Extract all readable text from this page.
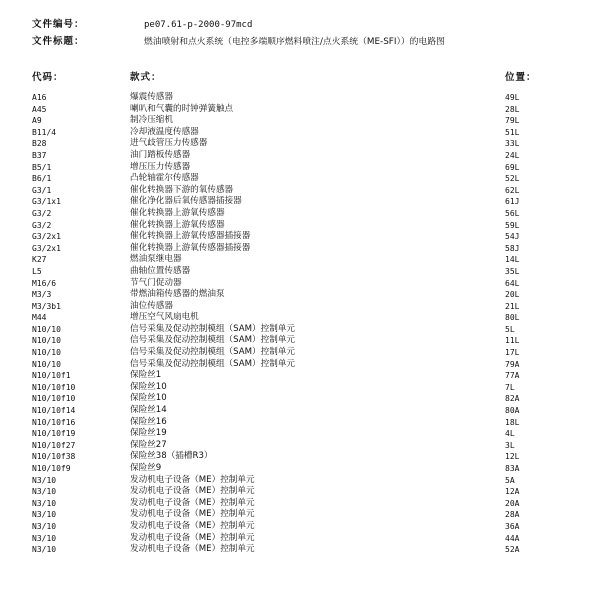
文件编号：	pe07.61-p-2000-97mcd
文件标题：	燃油喷射和点火系统（电控多端顺序燃料喷注/点火系统（ME-SFI））的电路图
代码：	款式：	位置：
A16	爆震传感器	49L
A45	喇叭和气囊的时钟弹簧触点	28L
A9	制冷压缩机	79L
B11/4	冷却液温度传感器	51L
B28	进气歧管压力传感器	33L
B37	油门踏板传感器	24L
B5/1	增压压力传感器	69L
B6/1	凸轮轴霍尔传感器	52L
G3/1	催化转换器下游的氧传感器	62L
G3/1x1	催化净化器后氧传感器插接器	61J
G3/2	催化转换器上游氧传感器	56L
G3/2	催化转换器上游氧传感器	59L
G3/2x1	催化转换器上游氧传感器插接器	54J
G3/2x1	催化转换器上游氧传感器插接器	58J
K27	燃油泵继电器	14L
L5	曲轴位置传感器	35L
M16/6	节气门促动器	64L
M3/3	带燃油箱传感器的燃油泵	20L
M3/3b1	油位传感器	21L
M44	增压空气风扇电机	80L
N10/10	信号采集及促动控制模组（SAM）控制单元	5L
N10/10	信号采集及促动控制模组（SAM）控制单元	11L
N10/10	信号采集及促动控制模组（SAM）控制单元	17L
N10/10	信号采集及促动控制模组（SAM）控制单元	79A
N10/10f1	保险丝1	77A
N10/10f10	保险丝10	7L
N10/10f10	保险丝10	82A
N10/10f14	保险丝14	80A
N10/10f16	保险丝16	18L
N10/10f19	保险丝19	4L
N10/10f27	保险丝27	3L
N10/10f38	保险丝38（插槽R3）	12L
N10/10f9	保险丝9	83A
N3/10	发动机电子设备（ME）控制单元	5A
N3/10	发动机电子设备（ME）控制单元	12A
N3/10	发动机电子设备（ME）控制单元	20A
N3/10	发动机电子设备（ME）控制单元	28A
N3/10	发动机电子设备（ME）控制单元	36A
N3/10	发动机电子设备（ME）控制单元	44A
N3/10	发动机电子设备（ME）控制单元	52A
